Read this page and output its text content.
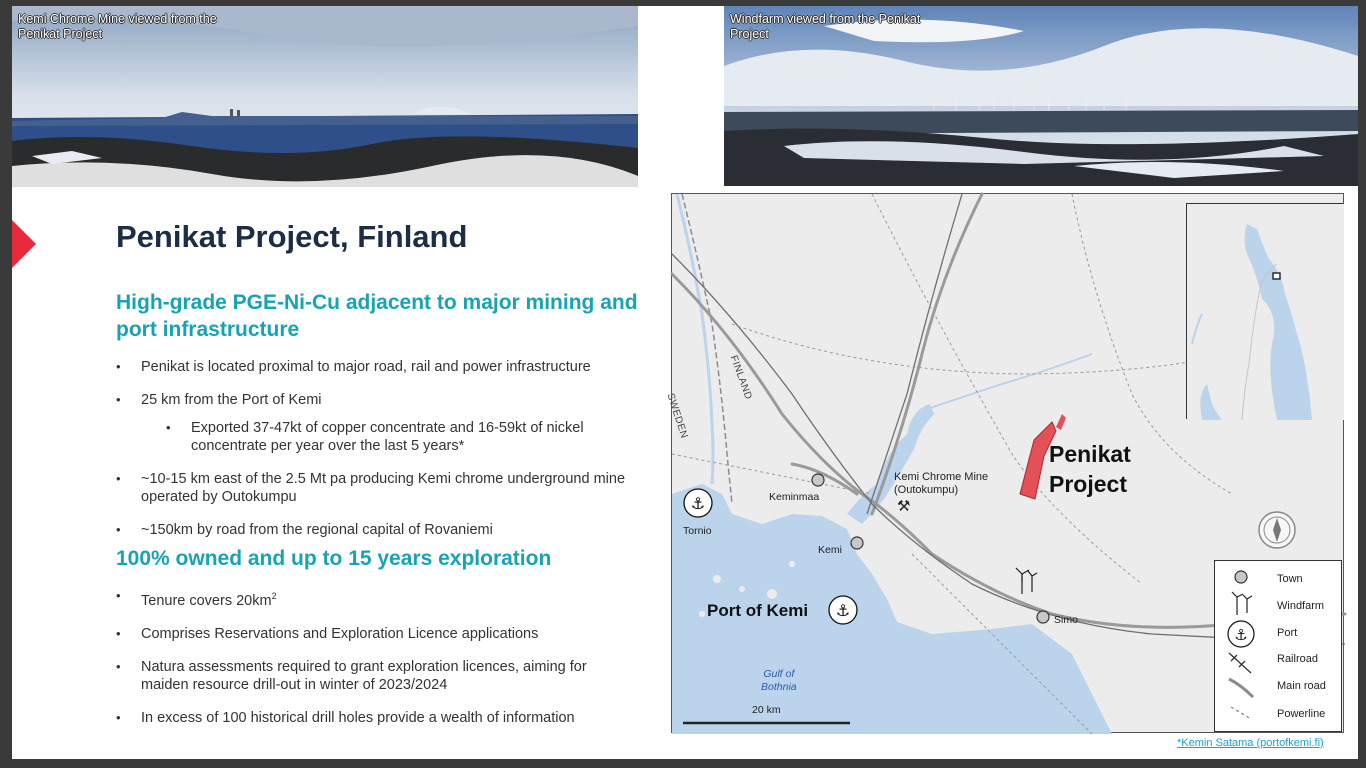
Kemi Chrome Mine viewed from the Penikat Project
Windfarm viewed from the Penikat Project
Penikat Project, Finland
High-grade PGE-Ni-Cu adjacent to major mining and port infrastructure
• Penikat is located proximal to major road, rail and power infrastructure
• 25 km from the Port of Kemi
• Exported 37-47kt of copper concentrate and 16-59kt of nickel concentrate per year over the last 5 years*
• ~10-15 km east of the 2.5 Mt pa producing Kemi chrome underground mine operated by Outokumpu
• ~150km by road from the regional capital of Rovaniemi
100% owned and up to 15 years exploration
• Tenure covers $20km^2$
• Comprises Reservations and Exploration Licence applications
• Natura assessments required to grant exploration licences, aiming for maiden resource drill-out in winter of 2023/2024
• In excess of 100 historical drill holes provide a wealth of information
⚓
⚓
⚒
Penikat
Project
Kemi Chrome Mine
(Outokumpu)
Keminmaa
Tornio
Kemi
Simo
Port of Kemi
Gulf of
Bothnia
SWEDEN
FINLAND
20 km
⚓
Town
Windfarm
Port
Railroad
Main road
Powerline
*Kemin Satama (portofkemi.fi)
